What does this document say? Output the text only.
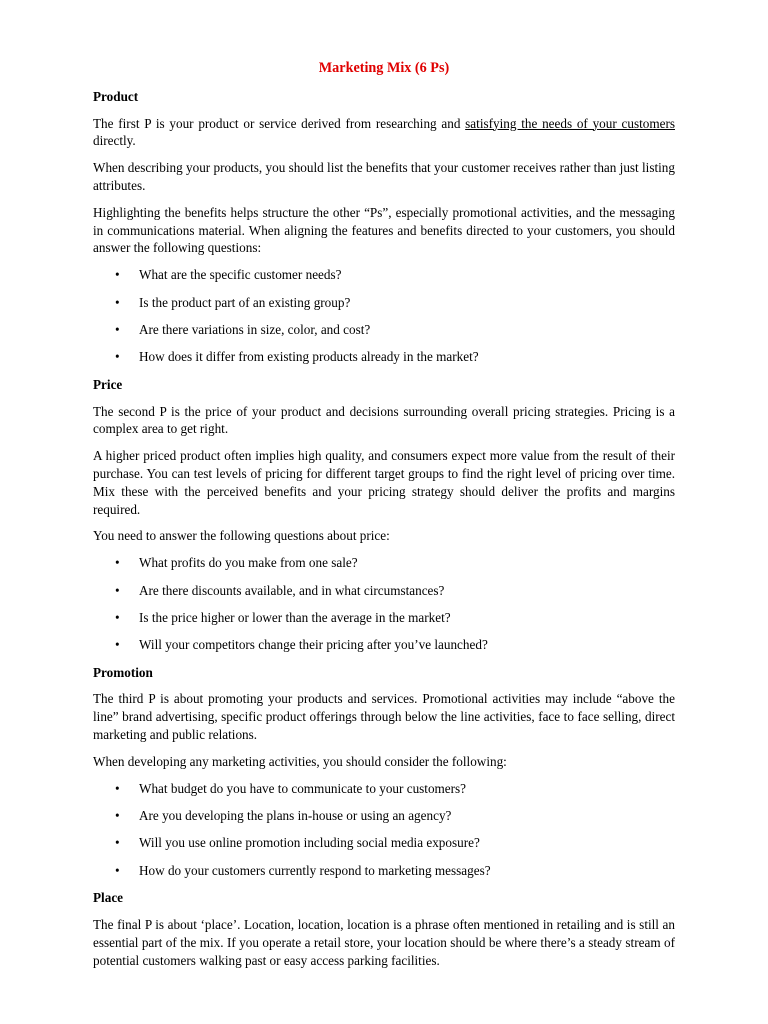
Marketing Mix (6 Ps)
Product

The first P is your product or service derived from researching and satisfying the needs of your customers directly.

When describing your products, you should list the benefits that your customer receives rather than just listing attributes.

Highlighting the benefits helps structure the other “Ps”, especially promotional activities, and the messaging in communications material. When aligning the features and benefits directed to your customers, you should answer the following questions:

• What are the specific customer needs?
• Is the product part of an existing group?
• Are there variations in size, color, and cost?
• How does it differ from existing products already in the market?
Price

The second P is the price of your product and decisions surrounding overall pricing strategies. Pricing is a complex area to get right.

A higher priced product often implies high quality, and consumers expect more value from the result of their purchase. You can test levels of pricing for different target groups to find the right level of pricing over time. Mix these with the perceived benefits and your pricing strategy should deliver the profits and margins required.

You need to answer the following questions about price:

• What profits do you make from one sale?
• Are there discounts available, and in what circumstances?
• Is the price higher or lower than the average in the market?
• Will your competitors change their pricing after you’ve launched?
Promotion

The third P is about promoting your products and services. Promotional activities may include “above the line” brand advertising, specific product offerings through below the line activities, face to face selling, direct marketing and public relations.

When developing any marketing activities, you should consider the following:

• What budget do you have to communicate to your customers?
• Are you developing the plans in-house or using an agency?
• Will you use online promotion including social media exposure?
• How do your customers currently respond to marketing messages?
Place

The final P is about ‘place’. Location, location, location is a phrase often mentioned in retailing and is still an essential part of the mix. If you operate a retail store, your location should be where there’s a steady stream of potential customers walking past or easy access parking facilities.
